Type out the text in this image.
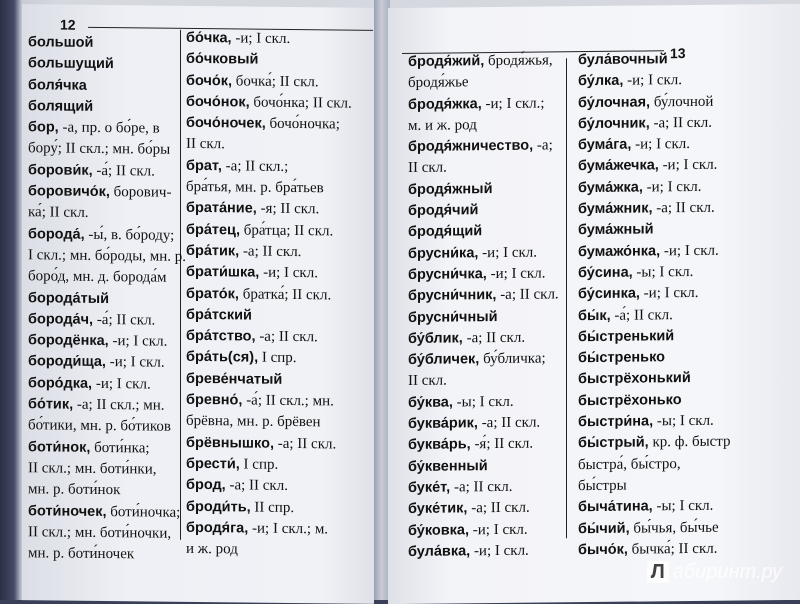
12
большой
большущий
боля́чка
болящий
бор, -а, пр. о бо́ре, в
бору́; II скл.; мн. бо́ры
борови́к, -а́; II скл.
боровичо́к, борович-
ка́; II скл.
борода́, -ы́, в. бо́роду;
I скл.; мн. бо́роды, мн. р.
боро́д, мн. д. борода́м
борода́тый
борода́ч, -а́; II скл.
бородёнка, -и; I скл.
бороди́ща, -и; I скл.
боро́дка, -и; I скл.
бо́тик, -а; II скл.; мн.
бо́тики, мн. р. бо́тиков
боти́нок, боти́нка;
II скл.; мн. боти́нки,
мн. р. боти́нок
боти́ночек, боти́ночка;
II скл.; мн. боти́ночки,
мн. р. боти́ночек
бо́чка, -и; I скл.
бо́чковый
бочо́к, бочка́; II скл.
бочо́нок, бочо́нка; II скл.
бочо́ночек, бочо́ночка;
II скл.
брат, -а; II скл.;
бра́тья, мн. р. бра́тьев
брата́ние, -я; II скл.
бра́тец, бра́тца; II скл.
бра́тик, -а; II скл.
брати́шка, -и; I скл.
брато́к, братка́; II скл.
бра́тский
бра́тство, -а; II скл.
бра́ть(ся), I спр.
бреве́нчатый
бревно́, -а́; II скл.; мн.
брёвна, мн. р. брёвен
брёвнышко, -а; II скл.
брести́, I спр.
брод, -а; II скл.
броди́ть, II спр.
бродя́га, -и; I скл.; м.
и ж. род
13
бродя́жий, бродя́жья,
бродя́жье
бродя́жка, -и; I скл.;
м. и ж. род
бродя́жничество, -а;
II скл.
бродя́жный
бродя́чий
бродя́щий
брусни́ка, -и; I скл.
брусни́чка, -и; I скл.
брусни́чник, -а; II скл.
брусни́чный
бу́блик, -а; II скл.
бу́бличек, бу́бличка;
II скл.
бу́ква, -ы; I скл.
буква́рик, -а; II скл.
буква́рь, -я́; II скл.
бу́квенный
буке́т, -а; II скл.
буке́тик, -а; II скл.
бу́ковка, -и; I скл.
була́вка, -и; I скл.
була́вочный
бу́лка, -и; I скл.
бу́лочная, бу́лочной
бу́лочник, -а; II скл.
бума́га, -и; I скл.
бума́жечка, -и; I скл.
бума́жка, -и; I скл.
бума́жник, -а; II скл.
бума́жный
бумажо́нка, -и; I скл.
бу́сина, -ы; I скл.
бу́синка, -и; I скл.
бы́к, -а́; II скл.
бы́стренький
бы́стренько
быстрёхонький
быстрёхонько
быстри́на, -ы; I скл.
бы́стрый, кр. ф. быстр
быстра́, бы́стро,
бы́стры
быча́тина, -ы; I скл.
бы́чий, бы́чья, бы́чье
бычо́к, бычка́; II скл.
Л абиринт.ру
